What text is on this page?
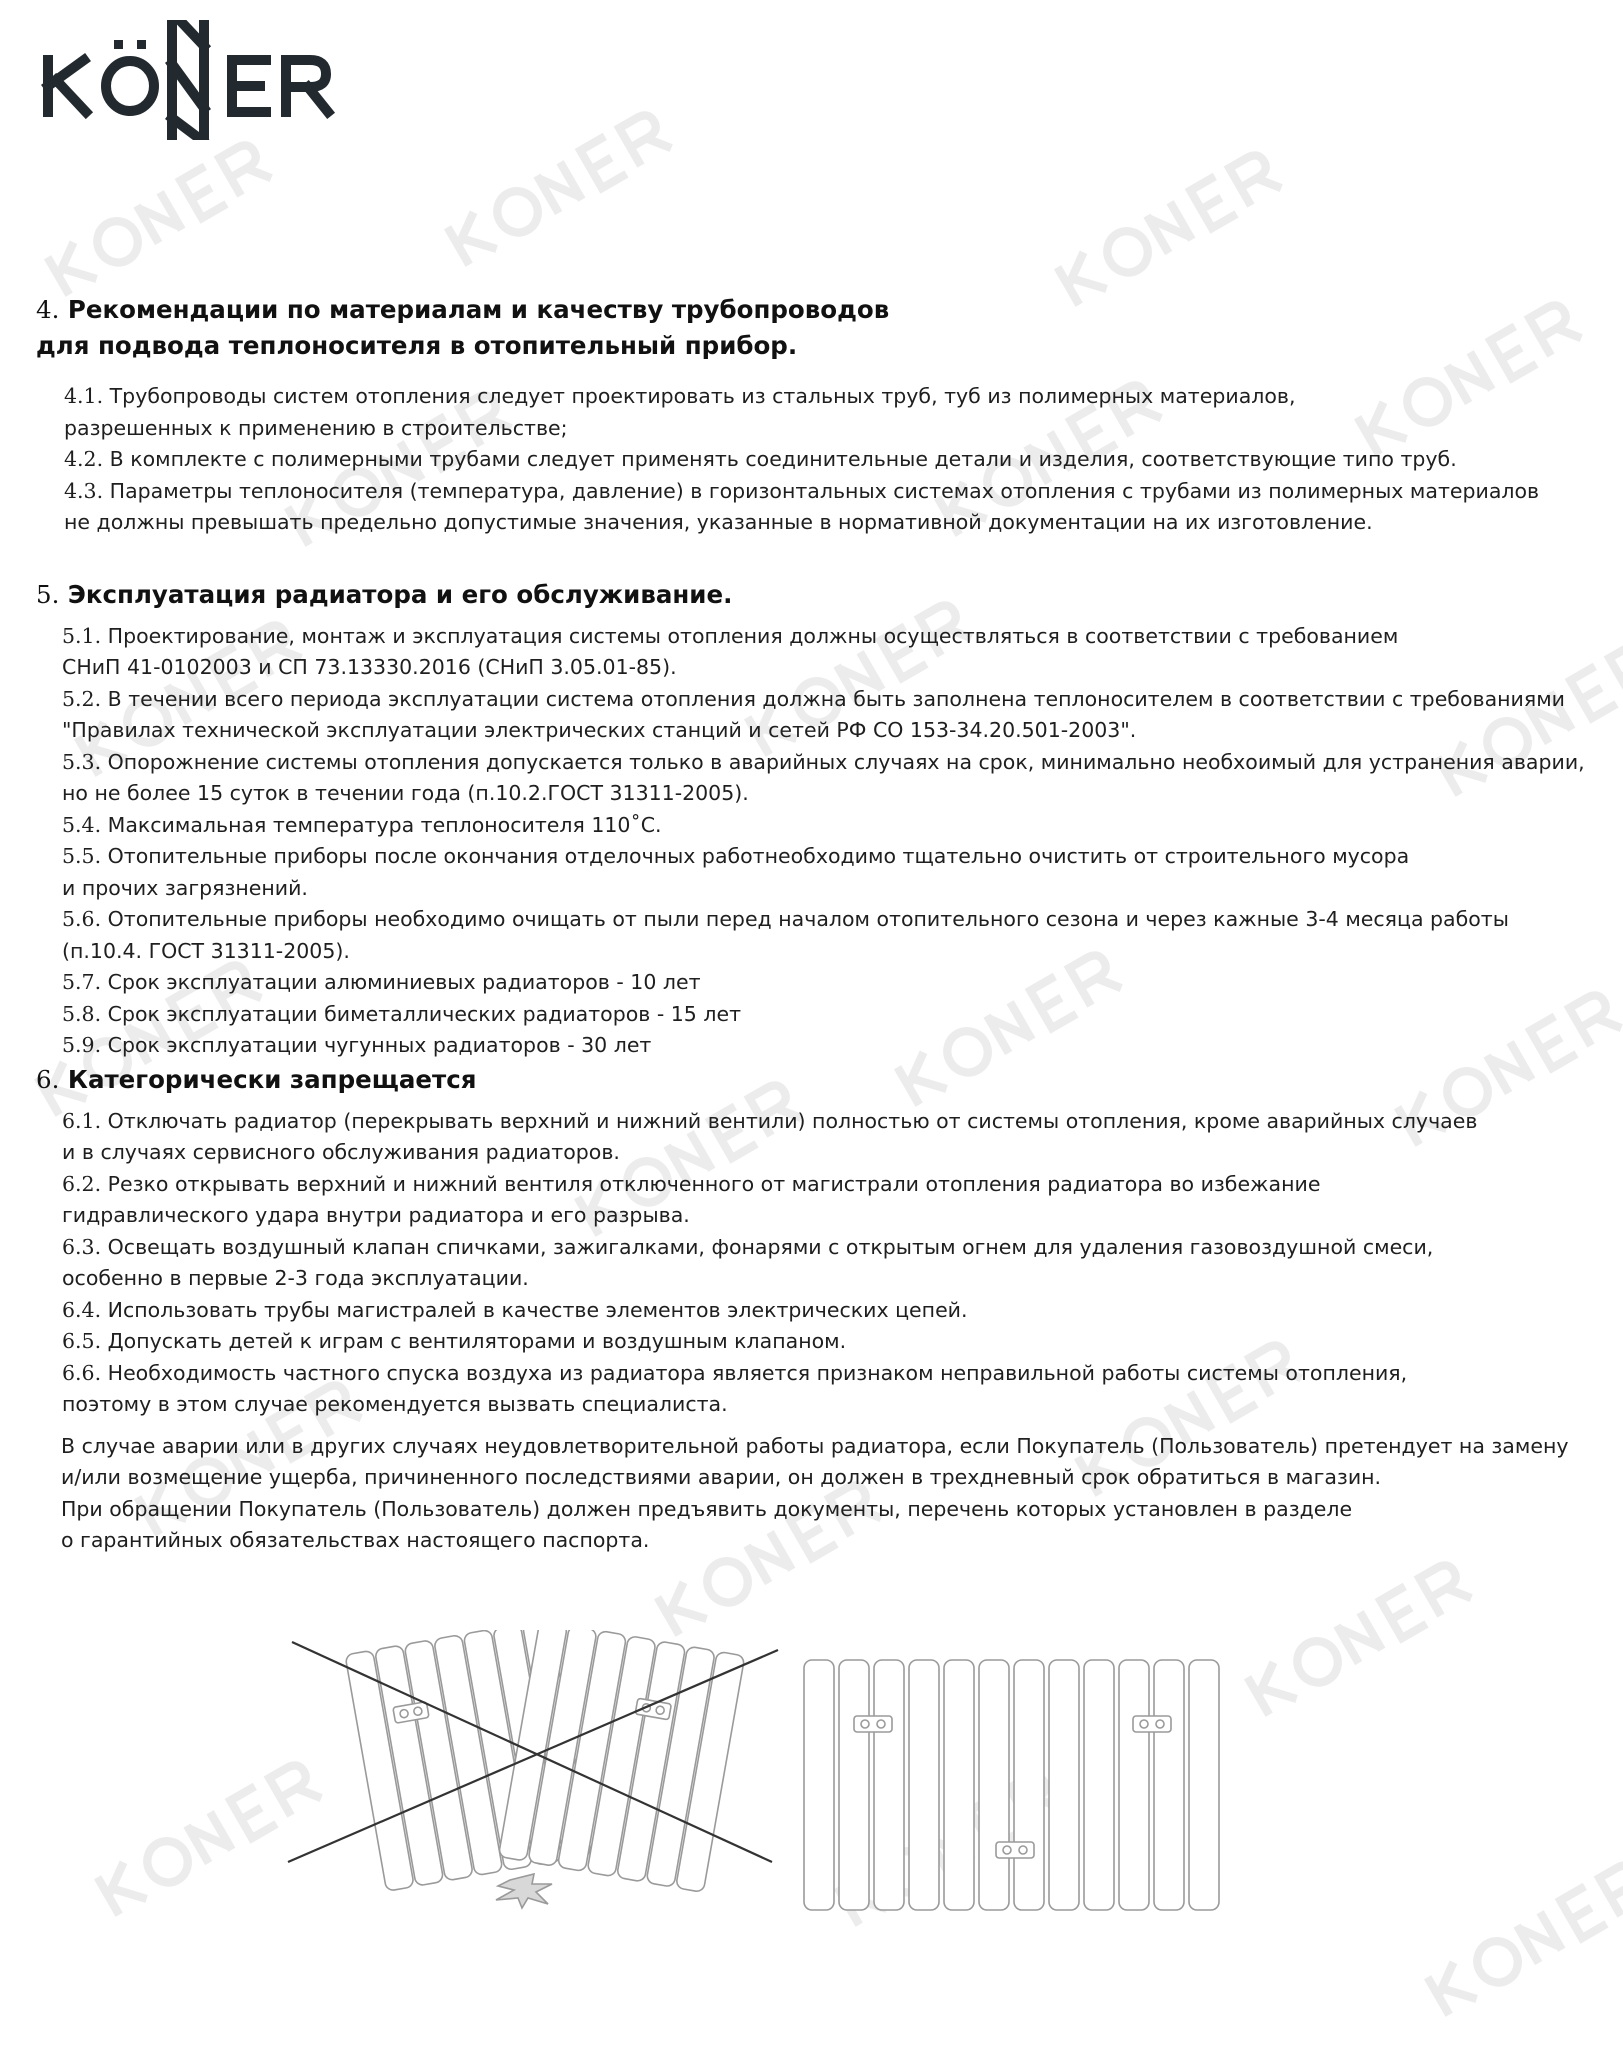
4. Рекомендации по материалам и качеству трубопроводов
для подвода теплоносителя в отопительный прибор.

4.1. Трубопроводы систем отопления следует проектировать из стальных труб, туб из полимерных материалов,

разрешенных к применению в строительстве;

4.2. В комплекте с полимерными трубами следует применять соединительные детали и изделия, соответствующие типо труб.

4.3. Параметры теплоносителя (температура, давление) в горизонтальных системах отопления с трубами из полимерных материалов

не должны превышать предельно допустимые значения, указанные в нормативной документации на их изготовление.

5. Эксплуатация радиатора и его обслуживание.

5.1. Проектирование, монтаж и эксплуатация системы отопления должны осуществляться в соответствии с требованием

СНиП 41-0102003 и СП 73.13330.2016 (СНиП 3.05.01-85).

5.2. В течении всего периода эксплуатации система отопления должна быть заполнена теплоносителем в соответствии с требованиями

"Правилах технической эксплуатации электрических станций и сетей РФ СО 153-34.20.501-2003".

5.3. Опорожнение системы отопления допускается только в аварийных случаях на срок, минимально необхоимый для устранения аварии,

но не более 15 суток в течении года (п.10.2.ГОСТ 31311-2005).

5.4. Максимальная температура теплоносителя 110˚С.

5.5. Отопительные приборы после окончания отделочных работнеобходимо тщательно очистить от строительного мусора

и прочих загрязнений.

5.6. Отопительные приборы необходимо очищать от пыли перед началом отопительного сезона и через кажные 3-4 месяца работы

(п.10.4. ГОСТ 31311-2005).

5.7. Срок эксплуатации алюминиевых радиаторов - 10 лет

5.8. Срок эксплуатации биметаллических радиаторов - 15 лет

5.9. Срок эксплуатации чугунных радиаторов - 30 лет

6. Категорически запрещается

6.1. Отключать радиатор (перекрывать верхний и нижний вентили) полностью от системы отопления, кроме аварийных случаев

и в случаях сервисного обслуживания радиаторов.

6.2. Резко открывать верхний и нижний вентиля отключенного от магистрали отопления радиатора во избежание

гидравлического удара внутри радиатора и его разрыва.

6.3. Освещать воздушный клапан спичками, зажигалками, фонарями с открытым огнем для удаления газовоздушной смеси,

особенно в первые 2-3 года эксплуатации.

6.4. Использовать трубы магистралей в качестве элементов электрических цепей.

6.5. Допускать детей к играм с вентиляторами и воздушным клапаном.

6.6. Необходимость частного спуска воздуха из радиатора является признаком неправильной работы системы отопления,

поэтому в этом случае рекомендуется вызвать специалиста.

В случае аварии или в других случаях неудовлетворительной работы радиатора, если Покупатель (Пользователь) претендует на замену

и/или возмещение ущерба, причиненного последствиями аварии, он должен в трехдневный срок обратиться в магазин.

При обращении Покупатель (Пользователь) должен предъявить документы, перечень которых установлен в разделе

о гарантийных обязательствах настоящего паспорта.
